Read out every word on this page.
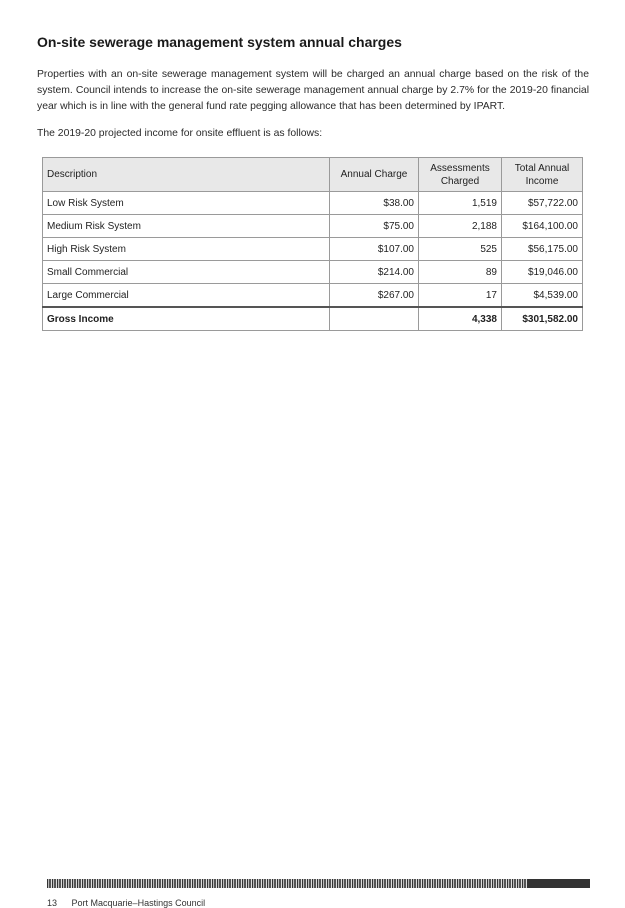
On-site sewerage management system annual charges

Properties with an on-site sewerage management system will be charged an annual charge based on the risk of the system. Council intends to increase the on-site sewerage management annual charge by 2.7% for the 2019-20 financial year which is in line with the general fund rate pegging allowance that has been determined by IPART.

The 2019-20 projected income for onsite effluent is as follows:

Description	Annual Charge	Assessments Charged	Total Annual Income
Low Risk System	$38.00	1,519	$57,722.00
Medium Risk System	$75.00	2,188	$164,100.00
High Risk System	$107.00	525	$56,175.00
Small Commercial	$214.00	89	$19,046.00
Large Commercial	$267.00	17	$4,539.00
Gross Income		4,338	$301,582.00
13 Port Macquarie–Hastings Council
